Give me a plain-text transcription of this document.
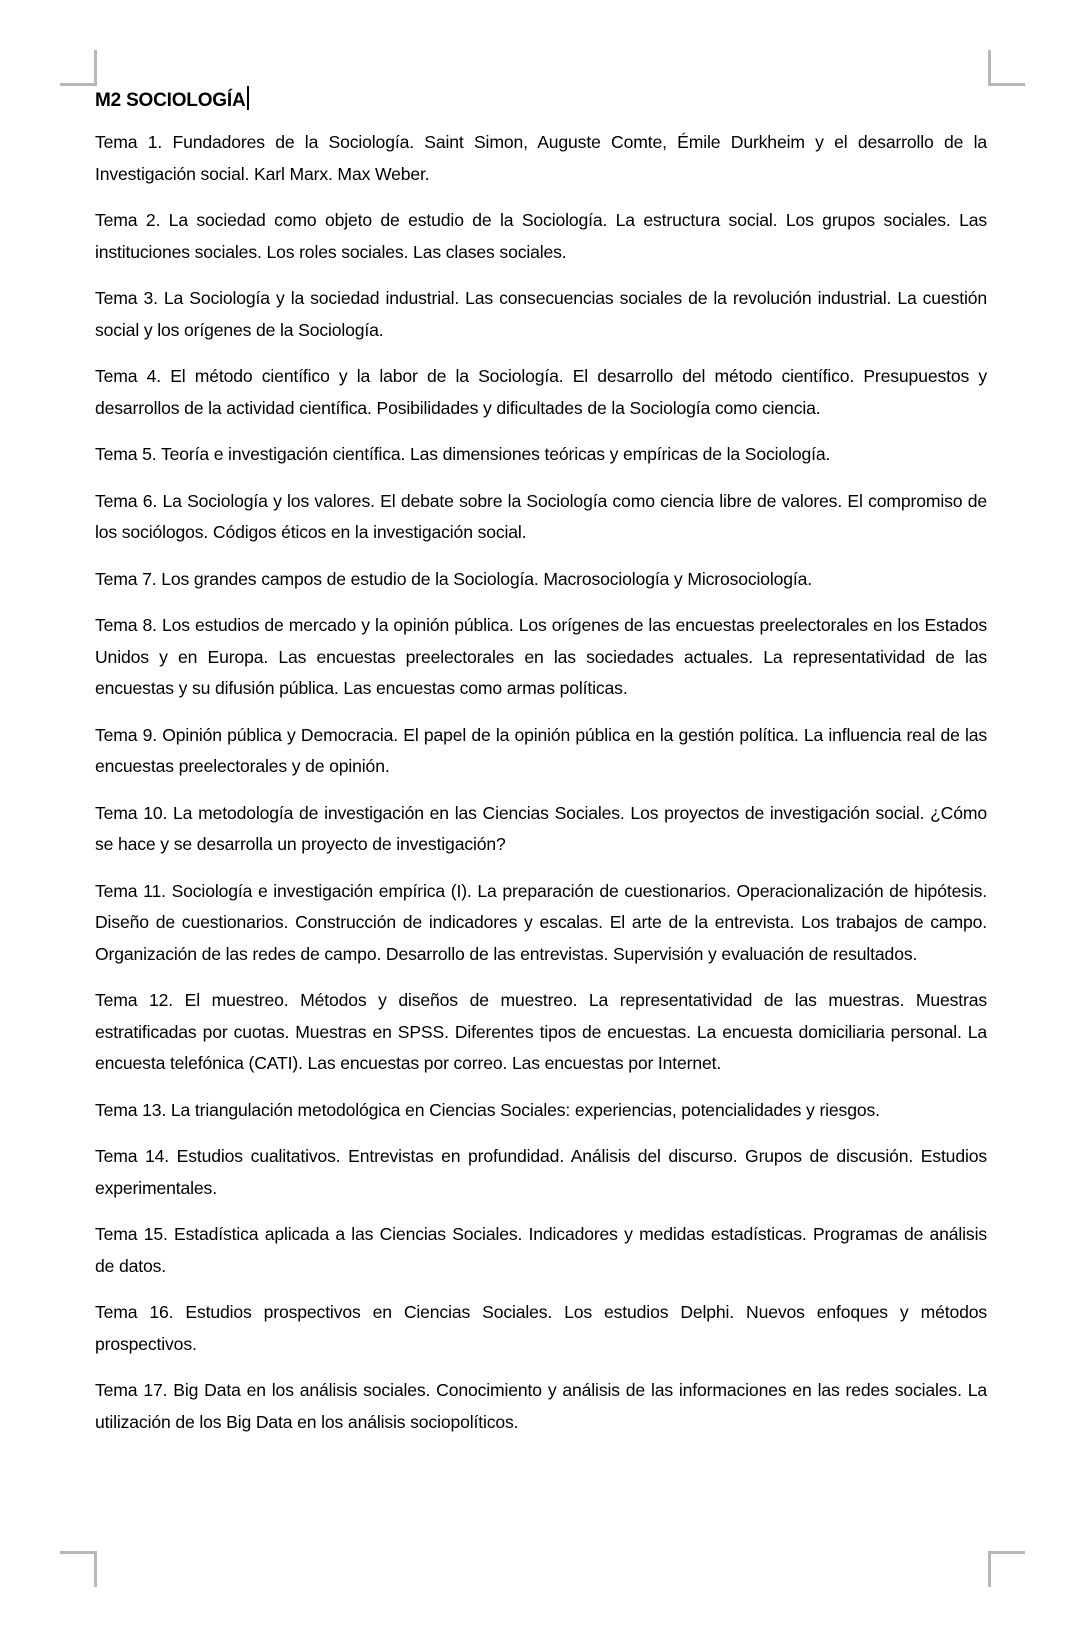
M2 SOCIOLOGÍA

Tema 1. Fundadores de la Sociología. Saint Simon, Auguste Comte, Émile Durkheim y el desarrollo de la Investigación social. Karl Marx. Max Weber.

Tema 2. La sociedad como objeto de estudio de la Sociología. La estructura social. Los grupos sociales. Las instituciones sociales. Los roles sociales. Las clases sociales.

Tema 3. La Sociología y la sociedad industrial. Las consecuencias sociales de la revolución industrial. La cuestión social y los orígenes de la Sociología.

Tema 4. El método científico y la labor de la Sociología. El desarrollo del método científico. Presupuestos y desarrollos de la actividad científica. Posibilidades y dificultades de la Sociología como ciencia.

Tema 5. Teoría e investigación científica. Las dimensiones teóricas y empíricas de la Sociología.

Tema 6. La Sociología y los valores. El debate sobre la Sociología como ciencia libre de valores. El compromiso de los sociólogos. Códigos éticos en la investigación social.

Tema 7. Los grandes campos de estudio de la Sociología. Macrosociología y Microsociología.

Tema 8. Los estudios de mercado y la opinión pública. Los orígenes de las encuestas preelectorales en los Estados Unidos y en Europa. Las encuestas preelectorales en las sociedades actuales. La representatividad de las encuestas y su difusión pública. Las encuestas como armas políticas.

Tema 9. Opinión pública y Democracia. El papel de la opinión pública en la gestión política. La influencia real de las encuestas preelectorales y de opinión.

Tema 10. La metodología de investigación en las Ciencias Sociales. Los proyectos de investigación social. ¿Cómo se hace y se desarrolla un proyecto de investigación?

Tema 11. Sociología e investigación empírica (I). La preparación de cuestionarios. Operacionalización de hipótesis. Diseño de cuestionarios. Construcción de indicadores y escalas. El arte de la entrevista. Los trabajos de campo. Organización de las redes de campo. Desarrollo de las entrevistas. Supervisión y evaluación de resultados.

Tema 12. El muestreo. Métodos y diseños de muestreo. La representatividad de las muestras. Muestras estratificadas por cuotas. Muestras en SPSS. Diferentes tipos de encuestas. La encuesta domiciliaria personal. La encuesta telefónica (CATI). Las encuestas por correo. Las encuestas por Internet.

Tema 13. La triangulación metodológica en Ciencias Sociales: experiencias, potencialidades y riesgos.

Tema 14. Estudios cualitativos. Entrevistas en profundidad. Análisis del discurso. Grupos de discusión. Estudios experimentales.

Tema 15. Estadística aplicada a las Ciencias Sociales. Indicadores y medidas estadísticas. Programas de análisis de datos.

Tema 16. Estudios prospectivos en Ciencias Sociales. Los estudios Delphi. Nuevos enfoques y métodos prospectivos.

Tema 17. Big Data en los análisis sociales. Conocimiento y análisis de las informaciones en las redes sociales. La utilización de los Big Data en los análisis sociopolíticos.
